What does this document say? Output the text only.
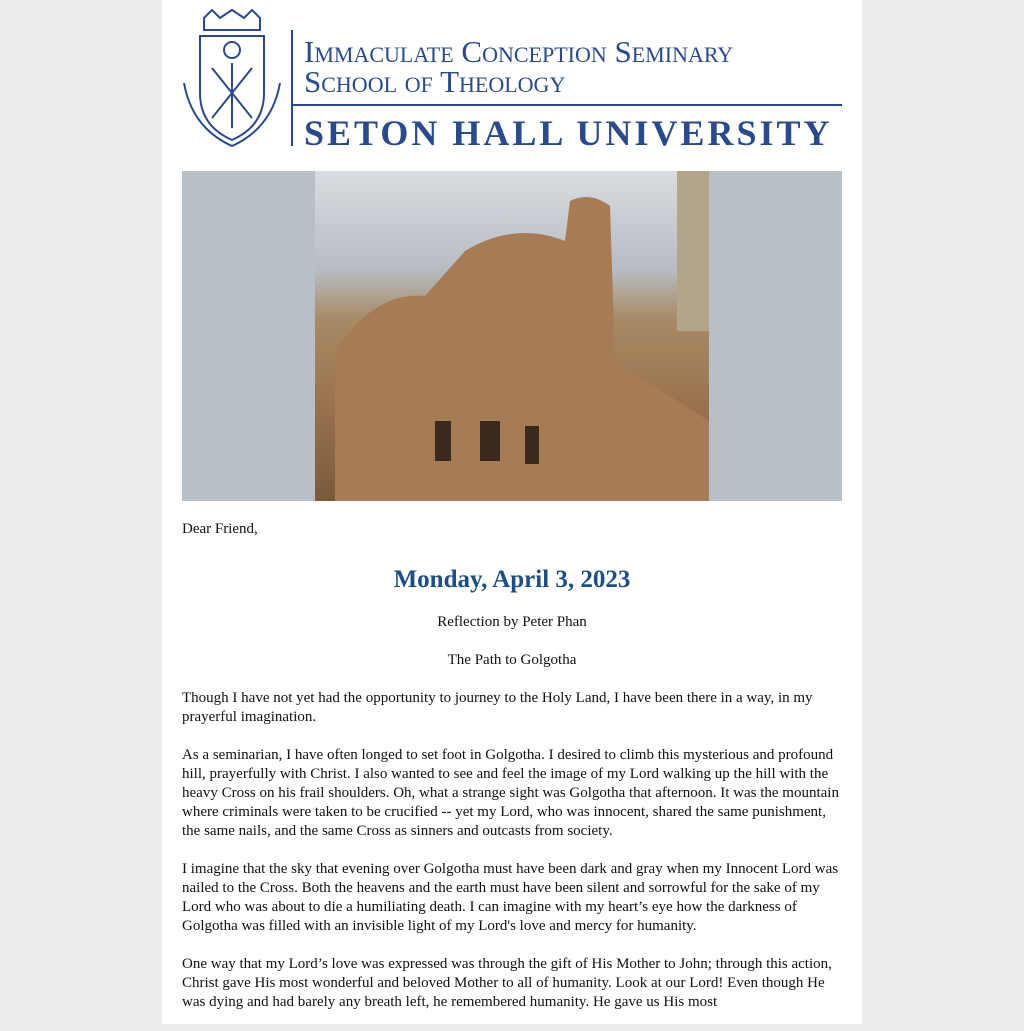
Immaculate Conception Seminary
School of Theology
SETON HALL UNIVERSITY

Dear Friend,

Monday, April 3, 2023

Reflection by Peter Phan

The Path to Golgotha

Though I have not yet had the opportunity to journey to the Holy Land, I have been there in a way, in my prayerful imagination.

As a seminarian, I have often longed to set foot in Golgotha. I desired to climb this mysterious and profound hill, prayerfully with Christ. I also wanted to see and feel the image of my Lord walking up the hill with the heavy Cross on his frail shoulders. Oh, what a strange sight was Golgotha that afternoon. It was the mountain where criminals were taken to be crucified -- yet my Lord, who was innocent, shared the same punishment, the same nails, and the same Cross as sinners and outcasts from society.

I imagine that the sky that evening over Golgotha must have been dark and gray when my Innocent Lord was nailed to the Cross. Both the heavens and the earth must have been silent and sorrowful for the sake of my Lord who was about to die a humiliating death. I can imagine with my heart’s eye how the darkness of Golgotha was filled with an invisible light of my Lord's love and mercy for humanity.

One way that my Lord’s love was expressed was through the gift of His Mother to John; through this action, Christ gave His most wonderful and beloved Mother to all of humanity. Look at our Lord! Even though He was dying and had barely any breath left, he remembered humanity. He gave us His most
